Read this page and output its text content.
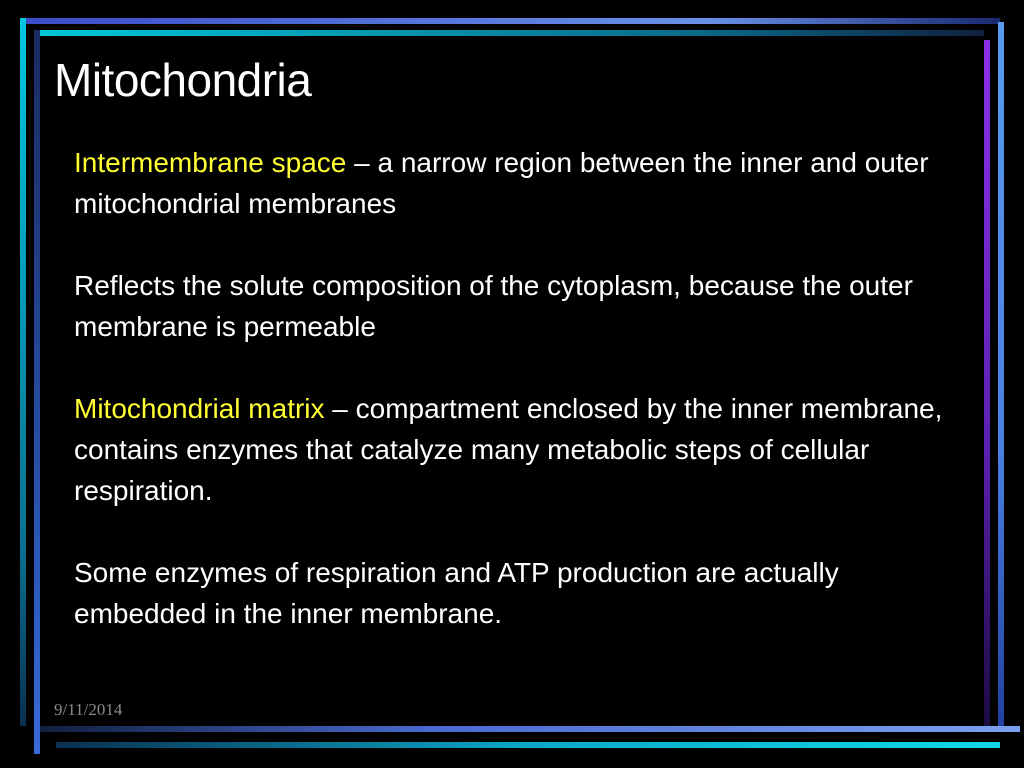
Mitochondria

Intermembrane space – a narrow region between the inner and outer mitochondrial membranes

Reflects the solute composition of the cytoplasm, because the outer membrane is permeable

Mitochondrial matrix – compartment enclosed by the inner membrane, contains enzymes that catalyze many metabolic steps of cellular respiration.

Some enzymes of respiration and ATP production are actually embedded in the inner membrane.

9/11/2014
